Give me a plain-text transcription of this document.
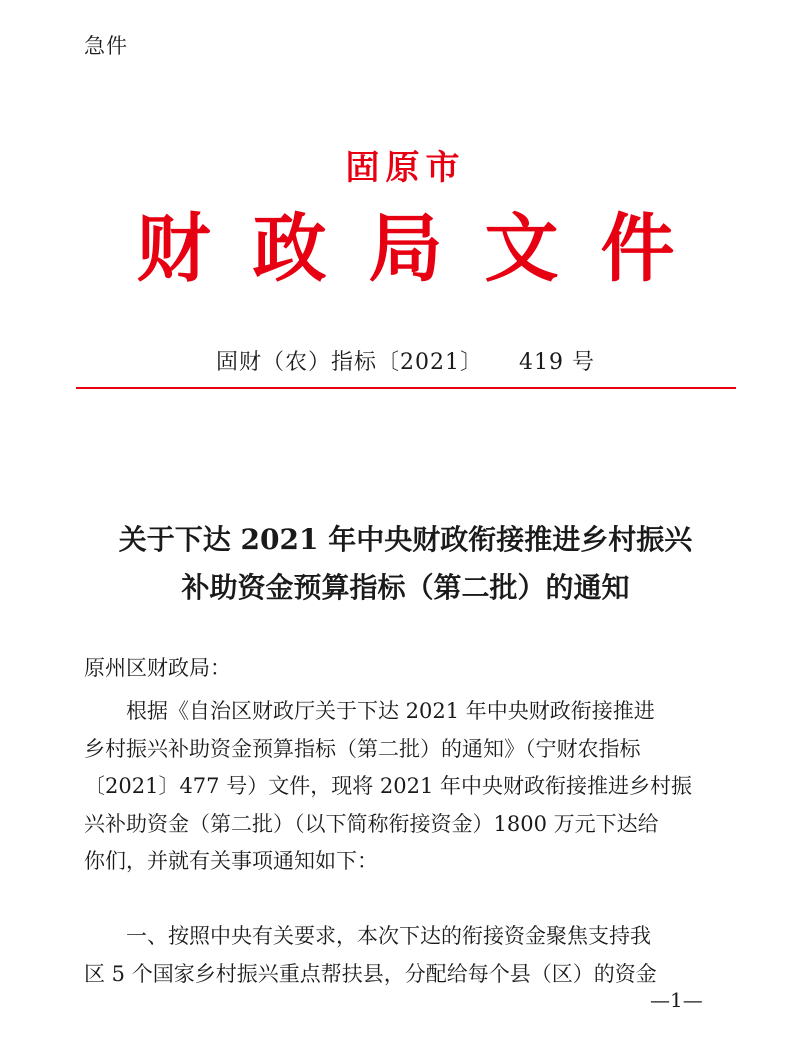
急件
固原市
财政局文件
固财（农）指标〔2021〕 419 号
关于下达 2021 年中央财政衔接推进乡村振兴
补助资金预算指标（第二批）的通知
原州区财政局：
　　根据《自治区财政厅关于下达 2021 年中央财政衔接推进
乡村振兴补助资金预算指标（第二批）的通知》（宁财农指标
〔2021〕477 号）文件，现将 2021 年中央财政衔接推进乡村振
兴补助资金（第二批）（以下简称衔接资金）1800 万元下达给
你们，并就有关事项通知如下：
　　一、按照中央有关要求，本次下达的衔接资金聚焦支持我
区 5 个国家乡村振兴重点帮扶县，分配给每个县（区）的资金
—1—
